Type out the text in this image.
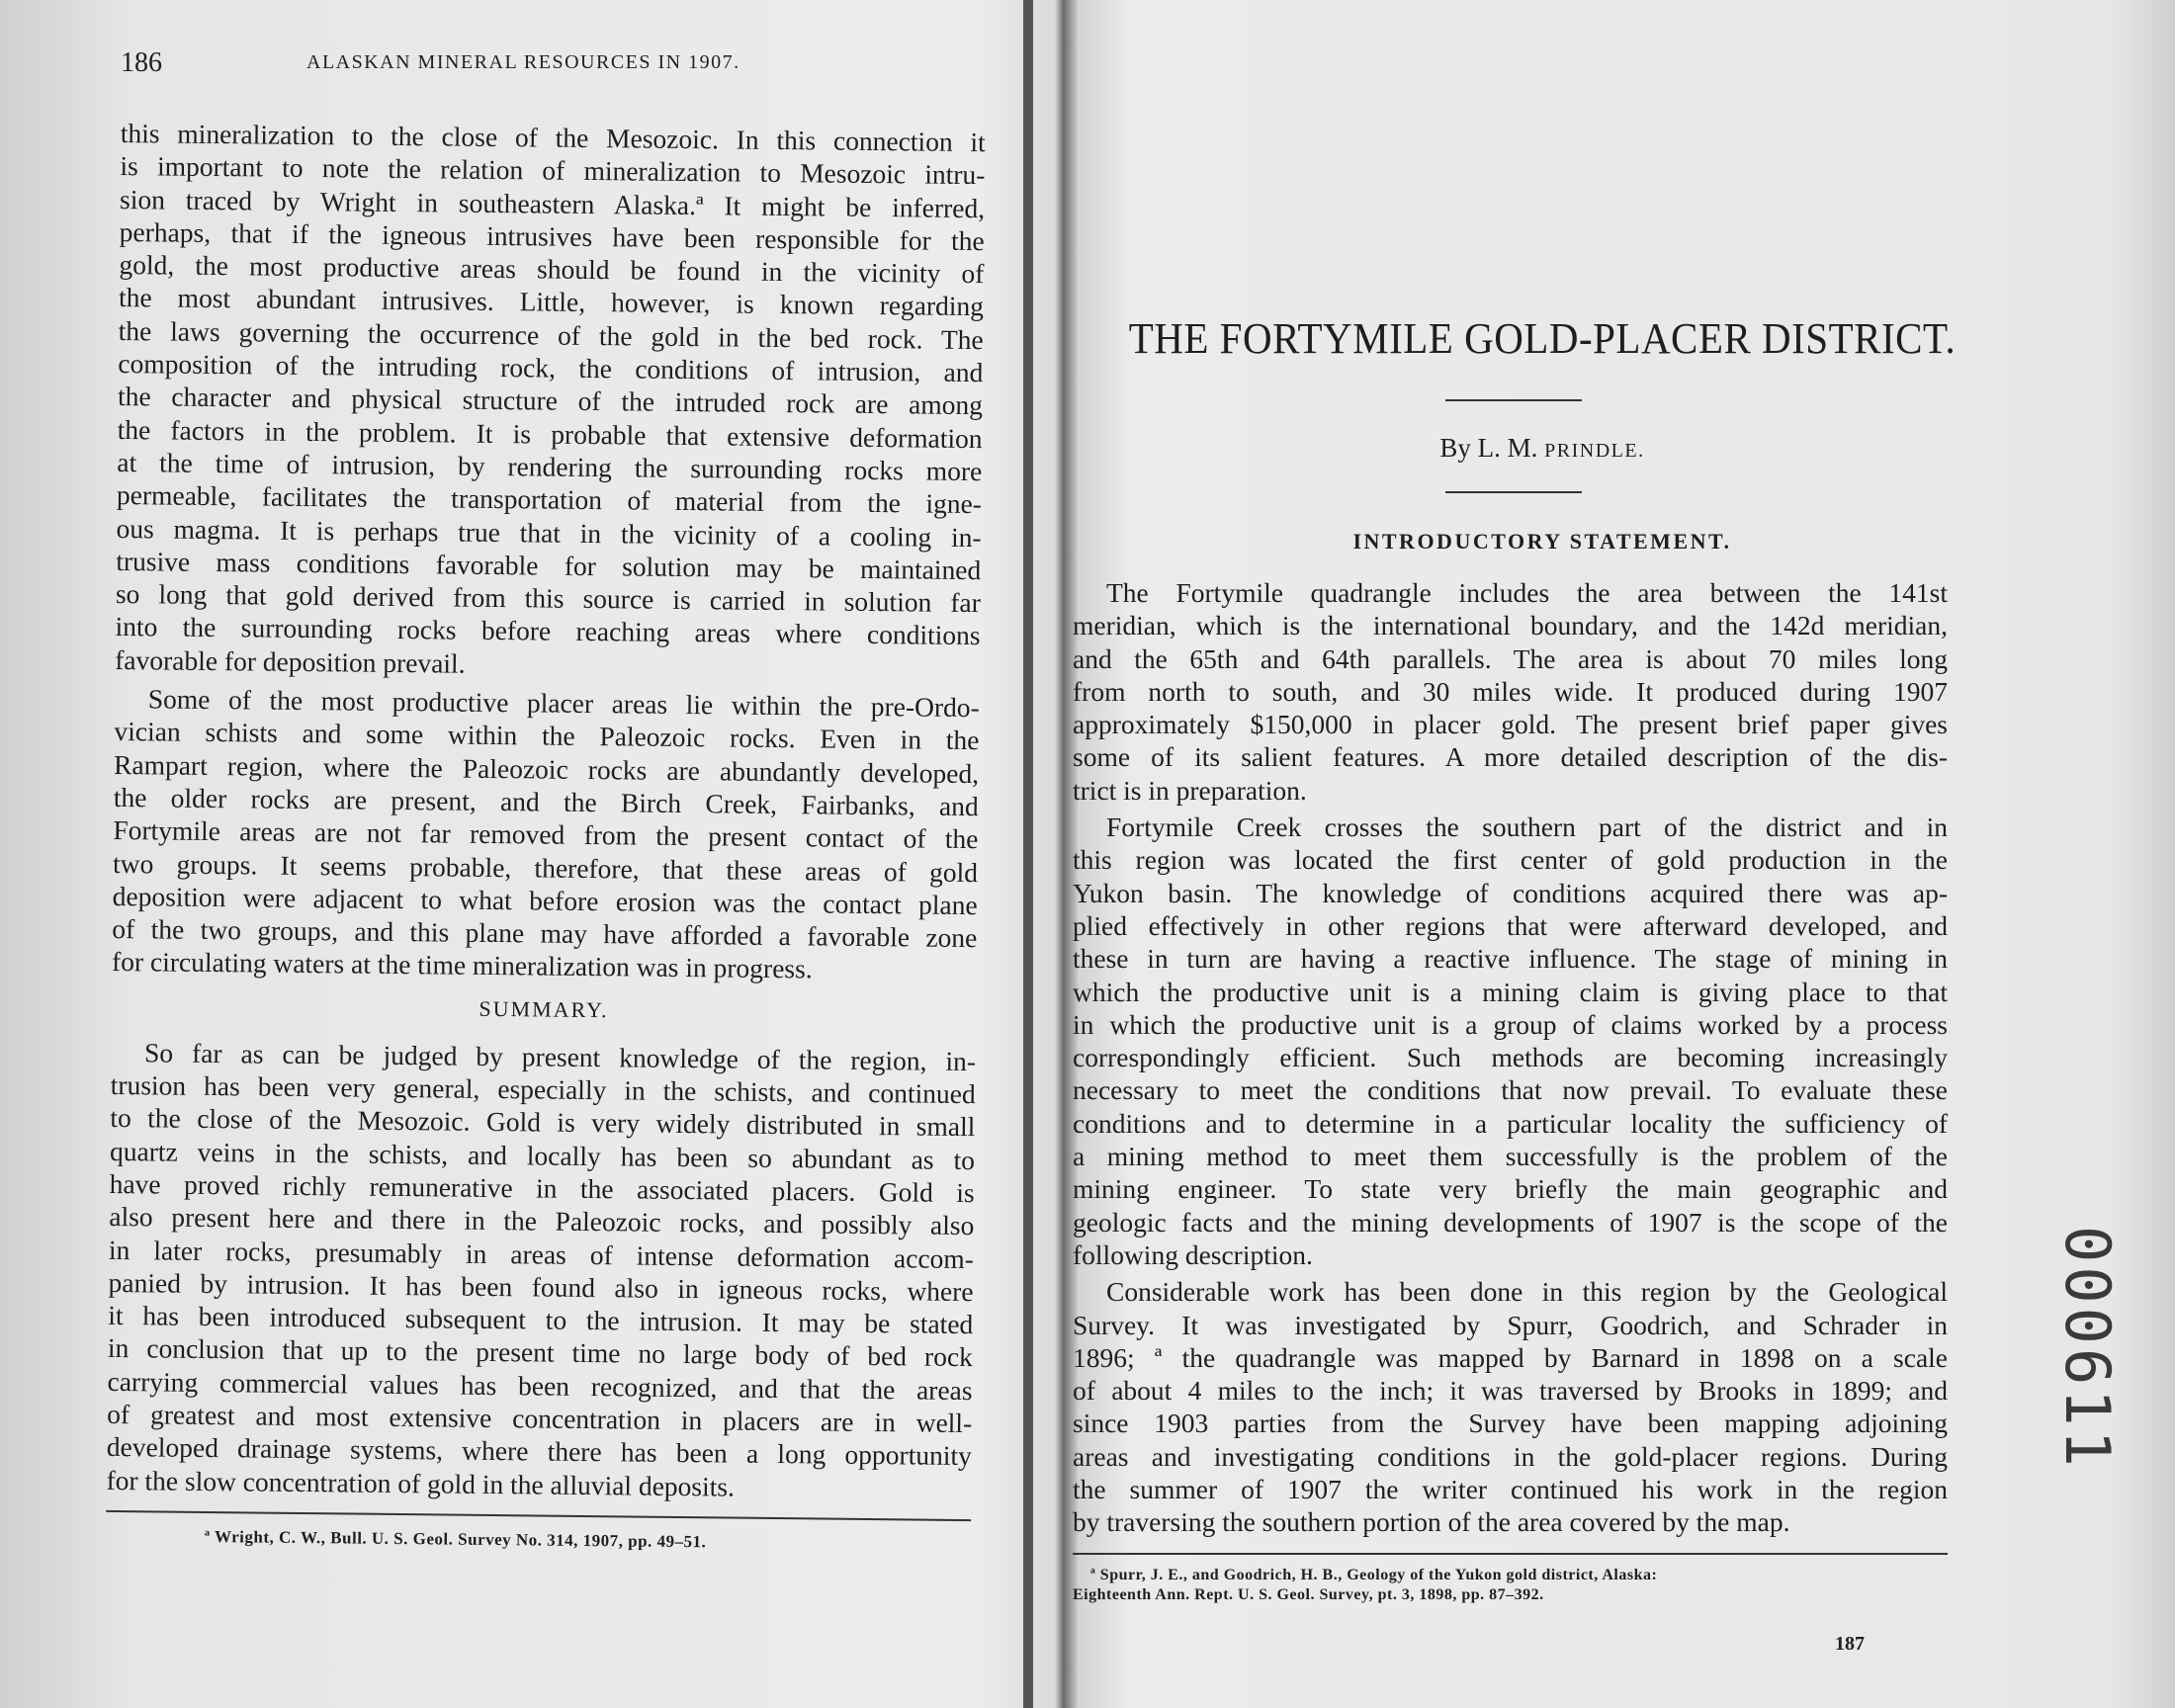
186	ALASKAN MINERAL RESOURCES IN 1907.

this mineralization to the close of the Mesozoic. In this connection it
is important to note the relation of mineralization to Mesozoic intru-
sion traced by Wright in southeastern Alaska.ª It might be inferred,
perhaps, that if the igneous intrusives have been responsible for the
gold, the most productive areas should be found in the vicinity of
the most abundant intrusives. Little, however, is known regarding
the laws governing the occurrence of the gold in the bed rock. The
composition of the intruding rock, the conditions of intrusion, and
the character and physical structure of the intruded rock are among
the factors in the problem. It is probable that extensive deformation
at the time of intrusion, by rendering the surrounding rocks more
permeable, facilitates the transportation of material from the igne-
ous magma. It is perhaps true that in the vicinity of a cooling in-
trusive mass conditions favorable for solution may be maintained
so long that gold derived from this source is carried in solution far
into the surrounding rocks before reaching areas where conditions
favorable for deposition prevail.

Some of the most productive placer areas lie within the pre-Ordo-
vician schists and some within the Paleozoic rocks. Even in the
Rampart region, where the Paleozoic rocks are abundantly developed,
the older rocks are present, and the Birch Creek, Fairbanks, and
Fortymile areas are not far removed from the present contact of the
two groups. It seems probable, therefore, that these areas of gold
deposition were adjacent to what before erosion was the contact plane
of the two groups, and this plane may have afforded a favorable zone
for circulating waters at the time mineralization was in progress.

SUMMARY.

So far as can be judged by present knowledge of the region, in-
trusion has been very general, especially in the schists, and continued
to the close of the Mesozoic. Gold is very widely distributed in small
quartz veins in the schists, and locally has been so abundant as to
have proved richly remunerative in the associated placers. Gold is
also present here and there in the Paleozoic rocks, and possibly also
in later rocks, presumably in areas of intense deformation accom-
panied by intrusion. It has been found also in igneous rocks, where
it has been introduced subsequent to the intrusion. It may be stated
in conclusion that up to the present time no large body of bed rock
carrying commercial values has been recognized, and that the areas
of greatest and most extensive concentration in placers are in well-
developed drainage systems, where there has been a long opportunity
for the slow concentration of gold in the alluvial deposits.

ª Wright, C. W., Bull. U. S. Geol. Survey No. 314, 1907, pp. 49–51.
THE FORTYMILE GOLD-PLACER DISTRICT.
By L. M. PRINDLE.
INTRODUCTORY STATEMENT.

The Fortymile quadrangle includes the area between the 141st
meridian, which is the international boundary, and the 142d meridian,
and the 65th and 64th parallels. The area is about 70 miles long
from north to south, and 30 miles wide. It produced during 1907
approximately $150,000 in placer gold. The present brief paper gives
some of its salient features. A more detailed description of the dis-
trict is in preparation.

Fortymile Creek crosses the southern part of the district and in
this region was located the first center of gold production in the
Yukon basin. The knowledge of conditions acquired there was ap-
plied effectively in other regions that were afterward developed, and
these in turn are having a reactive influence. The stage of mining in
which the productive unit is a mining claim is giving place to that
in which the productive unit is a group of claims worked by a process
correspondingly efficient. Such methods are becoming increasingly
necessary to meet the conditions that now prevail. To evaluate these
conditions and to determine in a particular locality the sufficiency of
a mining method to meet them successfully is the problem of the
mining engineer. To state very briefly the main geographic and
geologic facts and the mining developments of 1907 is the scope of the
following description.

Considerable work has been done in this region by the Geological
Survey. It was investigated by Spurr, Goodrich, and Schrader in
1896; ª the quadrangle was mapped by Barnard in 1898 on a scale
of about 4 miles to the inch; it was traversed by Brooks in 1899; and
since 1903 parties from the Survey have been mapping adjoining
areas and investigating conditions in the gold-placer regions. During
the summer of 1907 the writer continued his work in the region
by traversing the southern portion of the area covered by the map.

ª Spurr, J. E., and Goodrich, H. B., Geology of the Yukon gold district, Alaska:
Eighteenth Ann. Rept. U. S. Geol. Survey, pt. 3, 1898, pp. 87–392.
187
000611
